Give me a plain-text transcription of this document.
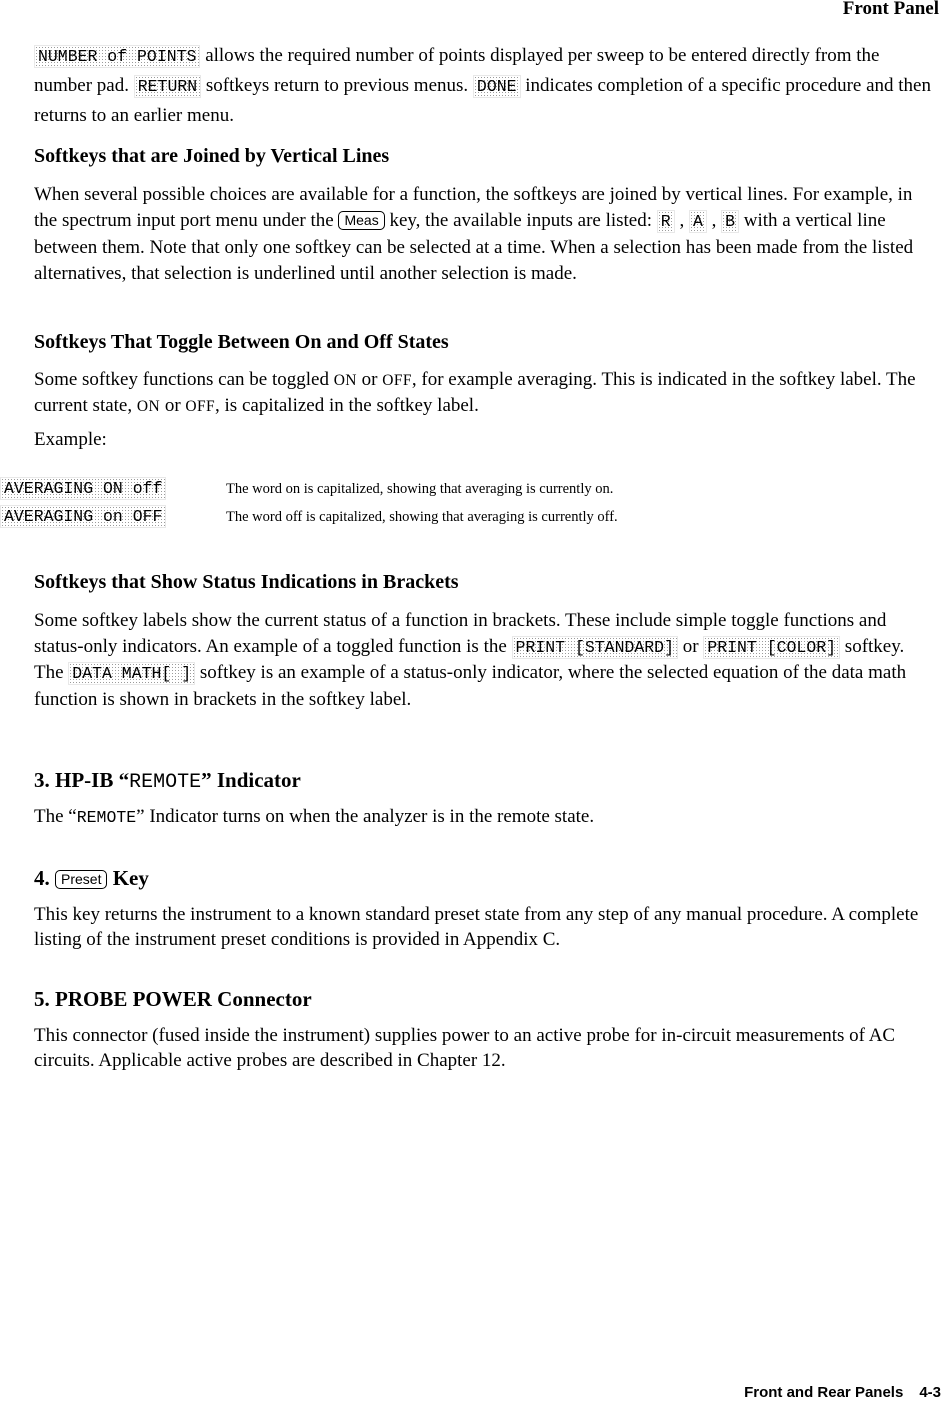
Front Panel
NUMBER of POINTS allows the required number of points displayed per sweep to be entered directly from the number pad. RETURN softkeys return to previous menus. DONE indicates completion of a specific procedure and then returns to an earlier menu.
Softkeys that are Joined by Vertical Lines
When several possible choices are available for a function, the softkeys are joined by vertical lines. For example, in the spectrum input port menu under the Meas key, the available inputs are listed: R , A , B with a vertical line between them. Note that only one softkey can be selected at a time. When a selection has been made from the listed alternatives, that selection is underlined until another selection is made.
Softkeys That Toggle Between On and Off States
Some softkey functions can be toggled ON or OFF, for example averaging. This is indicated in the softkey label. The current state, ON or OFF, is capitalized in the softkey label.
Example:
AVERAGING ON off	The word on is capitalized, showing that averaging is currently on.
AVERAGING on OFF	The word off is capitalized, showing that averaging is currently off.
Softkeys that Show Status Indications in Brackets
Some softkey labels show the current status of a function in brackets. These include simple toggle functions and status-only indicators. An example of a toggled function is the PRINT [STANDARD] or PRINT [COLOR] softkey. The DATA MATH[ ] softkey is an example of a status-only indicator, where the selected equation of the data math function is shown in brackets in the softkey label.
3. HP-IB “REMOTE” Indicator
The “REMOTE” Indicator turns on when the analyzer is in the remote state.
4. Preset Key
This key returns the instrument to a known standard preset state from any step of any manual procedure. A complete listing of the instrument preset conditions is provided in Appendix C.
5. PROBE POWER Connector
This connector (fused inside the instrument) supplies power to an active probe for in-circuit measurements of AC circuits. Applicable active probes are described in Chapter 12.
Front and Rear Panels 4-3
